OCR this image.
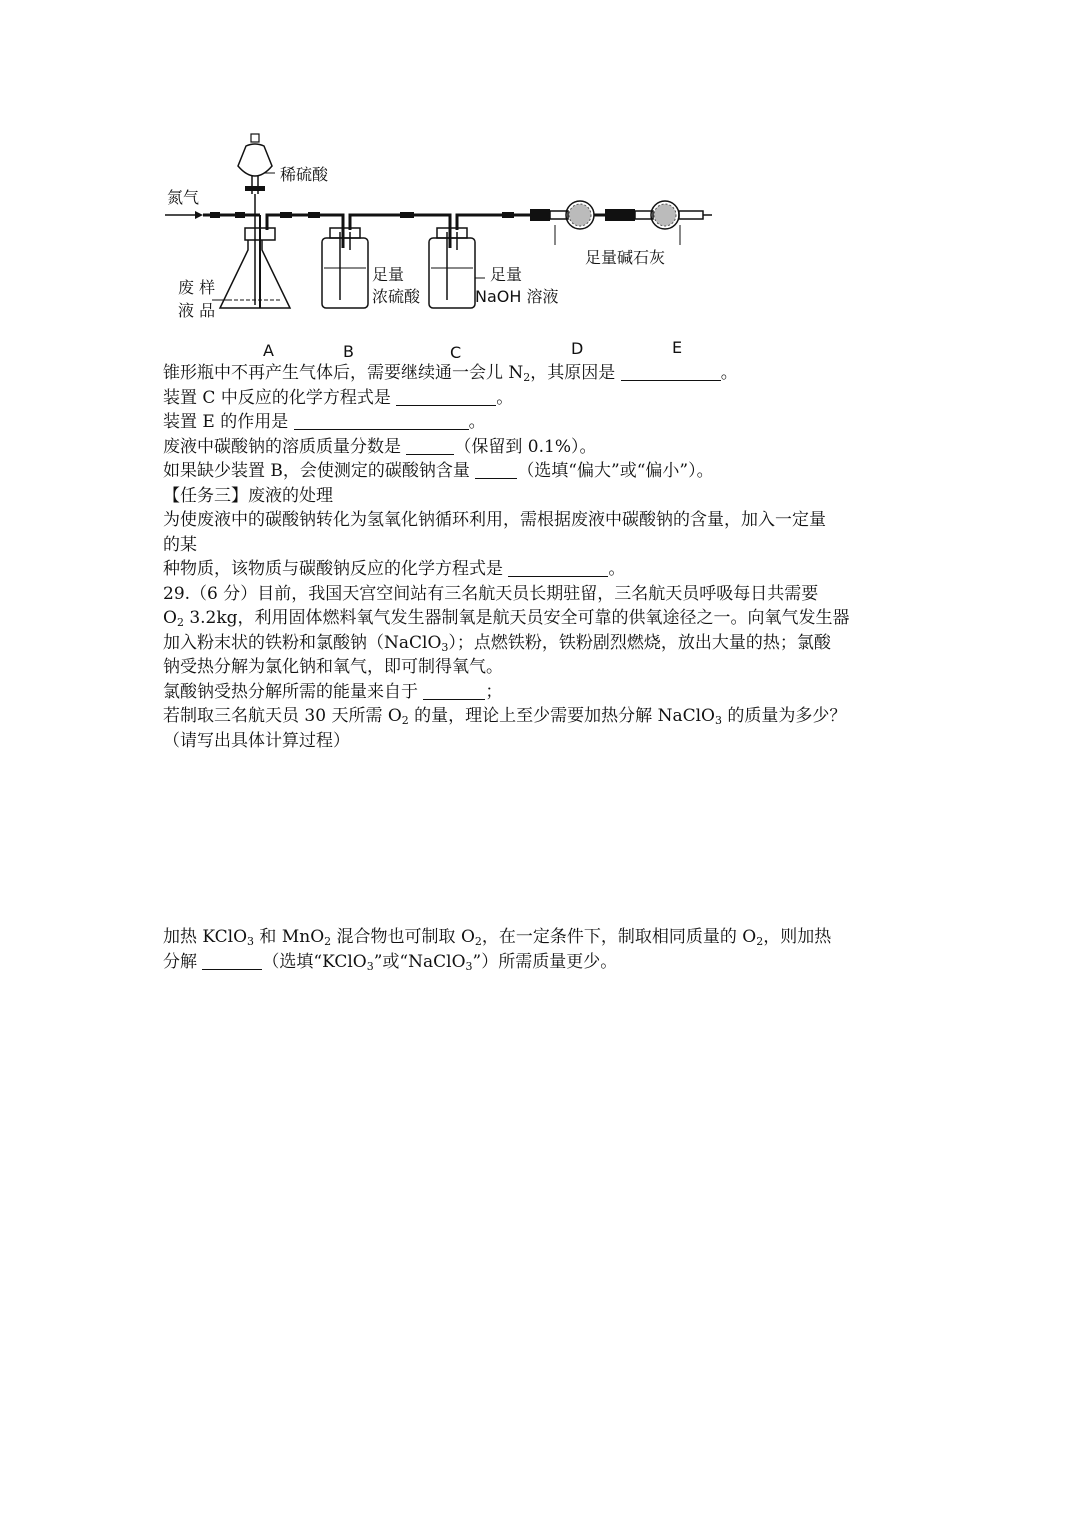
氮气
稀硫酸
废 样
液 品
足量
浓硫酸
足量
NaOH 溶液
足量碱石灰
A	B	C	D	E
锥形瓶中不再产生气体后，需要继续通一会儿 $N_2$，其原因是	。
装置 C 中反应的化学方程式是	。
装置 E 的作用是	。
废液中碳酸钠的溶质质量分数是	（保留到 0.1%）。
如果缺少装置 B，会使测定的碳酸钠含量 （选填“偏大”或“偏小”）。
【任务三】废液的处理
为使废液中的碳酸钠转化为氢氧化钠循环利用，需根据废液中碳酸钠的含量，加入一定量
的某
种物质，该物质与碳酸钠反应的化学方程式是	。
29.（6 分）目前，我国天宫空间站有三名航天员长期驻留，三名航天员呼吸每日共需要
$O_2$ 3.2kg，利用固体燃料氧气发生器制氧是航天员安全可靠的供氧途径之一。向氧气发生器
加入粉末状的铁粉和氯酸钠（NaClO$_3$）；点燃铁粉，铁粉剧烈燃烧，放出大量的热；氯酸
钠受热分解为氯化钠和氧气，即可制得氧气。
氯酸钠受热分解所需的能量来自于	；
若制取三名航天员 30 天所需 $O_2$ 的量，理论上至少需要加热分解 NaClO$_3$ 的质量为多少？
（请写出具体计算过程）
加热 KClO$_3$ 和 MnO$_2$ 混合物也可制取 $O_2$，在一定条件下，制取相同质量的 $O_2$，则加热
分解	（选填“KClO$_3$”或“NaClO$_3$”）所需质量更少。
